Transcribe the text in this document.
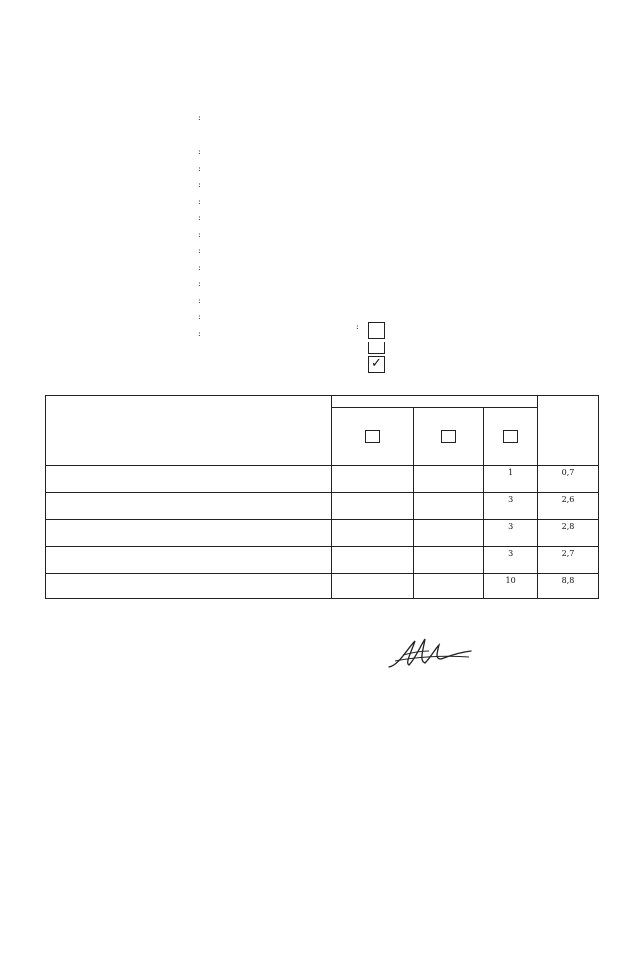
:
:
:
:
:
:
:
:
:
:
:
:
:
:
✓

			1	0,7
			3	2,6
			3	2,8
			3	2,7
			10	8,8
